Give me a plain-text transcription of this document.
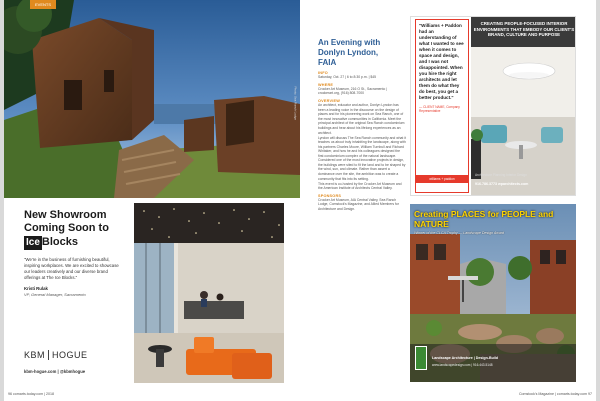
EVENTS
Photo: Sea Ranch Lodge
New Showroom
Coming Soon to
Ice Blocks
"We're in the business of furnishing beautiful, inspiring workplaces. We are excited to showcase our leaders creatively and our diverse brand offerings at The Ice Blocks."
Kristi Rulak
VP, General Manager, Sacramento
KBM HOGUE
kbm-hogue.com | @kbmhogue
96 comarts.today.com | 2018
An Evening with
Donlyn Lyndon,
FAIA
INFO
Saturday, Oct. 27 | 6 to 8:30 p.m. | $45
WHERE
Crocker Art Museum, 216 O St., Sacramento | crockerart.org, (916) 808-7000
OVERVIEW
An architect, educator and author, Donlyn Lyndon has been a leading voice in the discourse on the design of places and for his pioneering work on Sea Ranch, one of the most innovative communities in California. Meet the principal architect of the original Sea Ranch condominium buildings and hear about his lifelong experiences as an architect.
Lyndon will discuss The Sea Ranch community and what it teaches us about truly inhabiting the landscape, along with his partners Charles Moore, William Turnbull and Richard Whitaker, and how he and his colleagues designed the first condominium complex of the natural landscape. Considered one of the most innovative projects in design, the buildings were sited to fit the land and to be shaped by the wind, sun, and climate. Rather than assert a dominance over the site, the ambition was to create a community that fits into its setting.
This event is co-hosted by the Crocker Art Museum and the American Institute of Architects Central Valley.
SPONSORS
Crocker Art Museum, AIA Central Valley, Sea Ranch Lodge, Comstock's Magazine, and Allied Members for Architecture and Design.
"Williams + Paddon had an understanding of what I wanted to see when it comes to space and design, and I was not disappointed. When you hire the right architects and let them do what they do best, you get a better product."
— CLIENT NAME, Company Representative
williams + paddon
CREATING PEOPLE-FOCUSED INTERIOR ENVIRONMENTS THAT EMBODY OUR CLIENT'S BRAND, CULTURE AND PURPOSE
Architecture Planning Interior Design
916.786.3773 wparchitects.com
Creating PLACES for PEOPLE and NATURE
Winner of the CLCA Trophy — Landscape Design Award
Landscape Architecture | Design-Build
www.landscapedesign.com | 916.443.5148
Comstock's Magazine | comarts.today.com 97
